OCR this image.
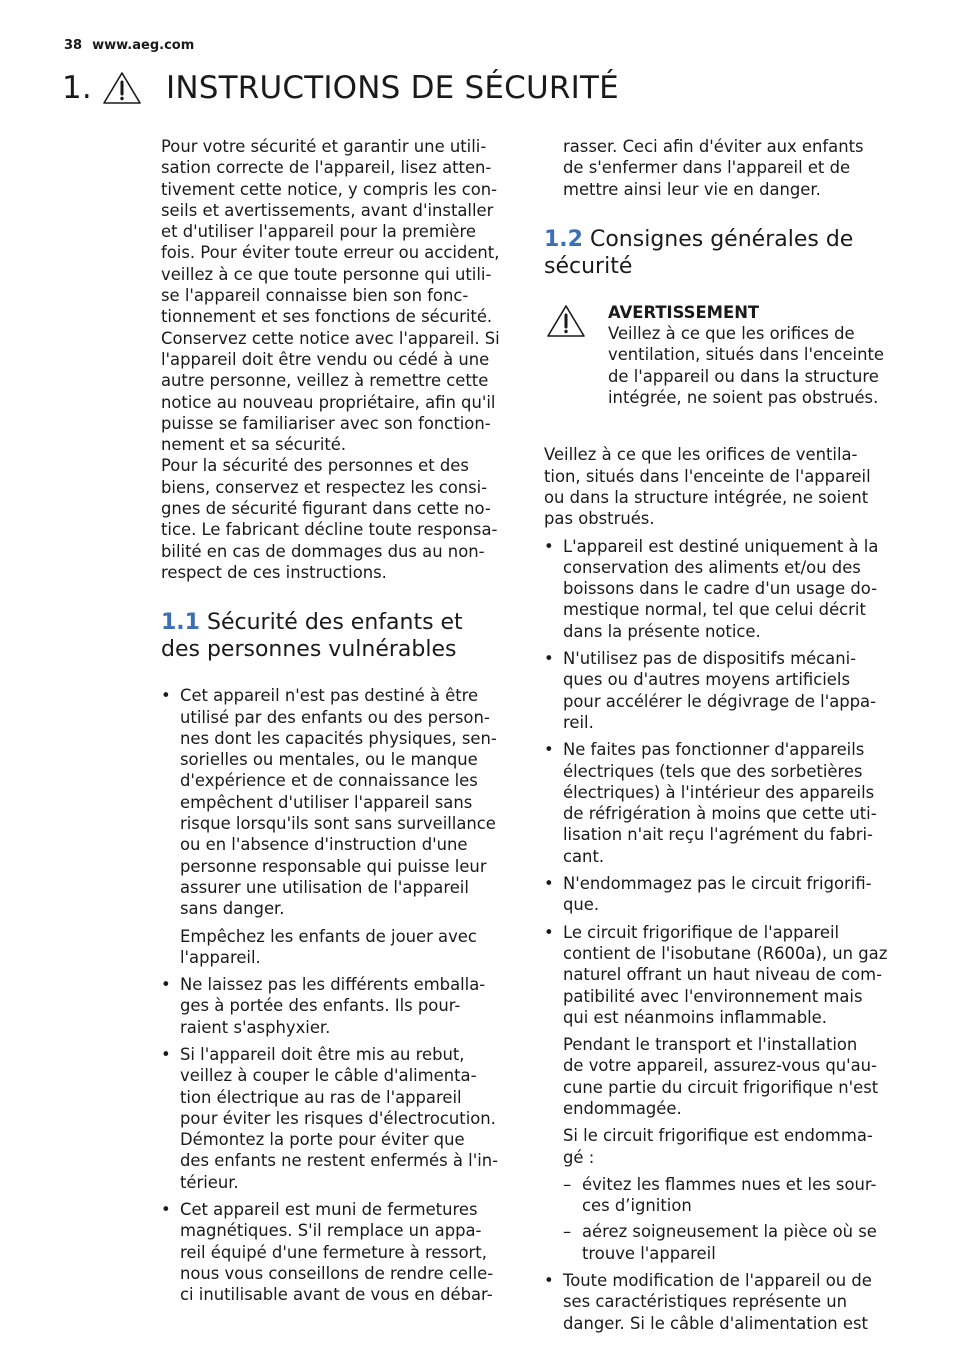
38 www.aeg.com
1. INSTRUCTIONS DE SÉCURITÉ

Pour votre sécurité et garantir une utili-
sation correcte de l'appareil, lisez atten-
tivement cette notice, y compris les con-
seils et avertissements, avant d'installer
et d'utiliser l'appareil pour la première
fois. Pour éviter toute erreur ou accident,
veillez à ce que toute personne qui utili-
se l'appareil connaisse bien son fonc-
tionnement et ses fonctions de sécurité.
Conservez cette notice avec l'appareil. Si
l'appareil doit être vendu ou cédé à une
autre personne, veillez à remettre cette
notice au nouveau propriétaire, afin qu'il
puisse se familiariser avec son fonction-
nement et sa sécurité.
Pour la sécurité des personnes et des
biens, conservez et respectez les consi-
gnes de sécurité figurant dans cette no-
tice. Le fabricant décline toute responsa-
bilité en cas de dommages dus au non-
respect de ces instructions.

1.1 Sécurité des enfants et
des personnes vulnérables
• Cet appareil n'est pas destiné à être
utilisé par des enfants ou des person-
nes dont les capacités physiques, sen-
sorielles ou mentales, ou le manque
d'expérience et de connaissance les
empêchent d'utiliser l'appareil sans
risque lorsqu'ils sont sans surveillance
ou en l'absence d'instruction d'une
personne responsable qui puisse leur
assurer une utilisation de l'appareil
sans danger.
Empêchez les enfants de jouer avec
l'appareil.
• Ne laissez pas les différents emballa-
ges à portée des enfants. Ils pour-
raient s'asphyxier.
• Si l'appareil doit être mis au rebut,
veillez à couper le câble d'alimenta-
tion électrique au ras de l'appareil
pour éviter les risques d'électrocution.
Démontez la porte pour éviter que
des enfants ne restent enfermés à l'in-
térieur.
• Cet appareil est muni de fermetures
magnétiques. S'il remplace un appa-
reil équipé d'une fermeture à ressort,
nous vous conseillons de rendre celle-
ci inutilisable avant de vous en débar-

rasser. Ceci afin d'éviter aux enfants
de s'enfermer dans l'appareil et de
mettre ainsi leur vie en danger.

1.2 Consignes générales de
sécurité
AVERTISSEMENT
Veillez à ce que les orifices de
ventilation, situés dans l'enceinte
de l'appareil ou dans la structure
intégrée, ne soient pas obstrués.

Veillez à ce que les orifices de ventila-
tion, situés dans l'enceinte de l'appareil
ou dans la structure intégrée, ne soient
pas obstrués.

• L'appareil est destiné uniquement à la
conservation des aliments et/ou des
boissons dans le cadre d'un usage do-
mestique normal, tel que celui décrit
dans la présente notice.
• N'utilisez pas de dispositifs mécani-
ques ou d'autres moyens artificiels
pour accélérer le dégivrage de l'appa-
reil.
• Ne faites pas fonctionner d'appareils
électriques (tels que des sorbetières
électriques) à l'intérieur des appareils
de réfrigération à moins que cette uti-
lisation n'ait reçu l'agrément du fabri-
cant.
• N'endommagez pas le circuit frigorifi-
que.
• Le circuit frigorifique de l'appareil
contient de l'isobutane (R600a), un gaz
naturel offrant un haut niveau de com-
patibilité avec l'environnement mais
qui est néanmoins inflammable.
Pendant le transport et l'installation
de votre appareil, assurez-vous qu'au-
cune partie du circuit frigorifique n'est
endommagée.
Si le circuit frigorifique est endomma-
gé :
– évitez les flammes nues et les sour-
ces d’ignition
– aérez soigneusement la pièce où se
trouve l'appareil
• Toute modification de l'appareil ou de
ses caractéristiques représente un
danger. Si le câble d'alimentation est
